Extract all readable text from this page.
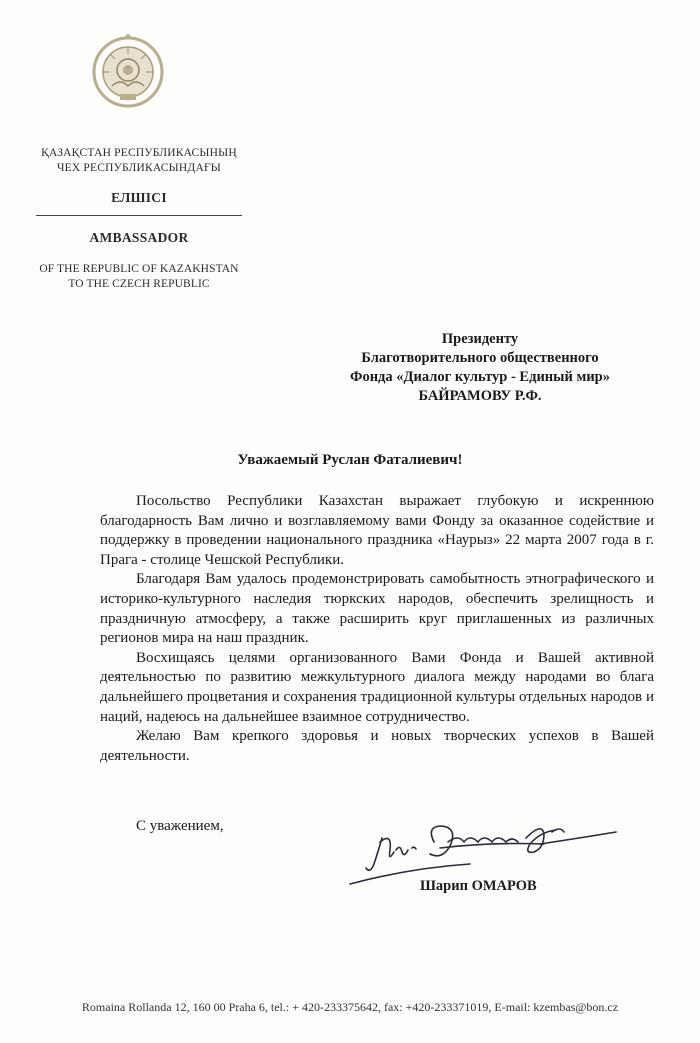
ҚАЗАҚСТАН РЕСПУБЛИКАСЫНЫҢ
ЧЕХ РЕСПУБЛИКАСЫНДАҒЫ
ЕЛШІСІ
AMBASSADOR
OF THE REPUBLIC OF KAZAKHSTAN
TO THE CZECH REPUBLIC
Президенту
Благотворительного общественного
Фонда «Диалог культур - Единый мир»
БАЙРАМОВУ Р.Ф.
Уважаемый Руслан Фаталиевич!

Посольство Республики Казахстан выражает глубокую и искреннюю благодарность Вам лично и возглавляемому вами Фонду за оказанное содействие и поддержку в проведении национального праздника «Наурыз» 22 марта 2007 года в г. Прага - столице Чешской Республики.

Благодаря Вам удалось продемонстрировать самобытность этнографического и историко-культурного наследия тюркских народов, обеспечить зрелищность и праздничную атмосферу, а также расширить круг приглашенных из различных регионов мира на наш праздник.

Восхищаясь целями организованного Вами Фонда и Вашей активной деятельностью по развитию межкультурного диалога между народами во блага дальнейшего процветания и сохранения традиционной культуры отдельных народов и наций, надеюсь на дальнейшее взаимное сотрудничество.

Желаю Вам крепкого здоровья и новых творческих успехов в Вашей деятельности.

С уважением,
Шарип ОМАРОВ
Romaina Rollanda 12, 160 00 Praha 6, tel.: + 420-233375642, fax: +420-233371019, E-mail: kzembas@bon.cz
